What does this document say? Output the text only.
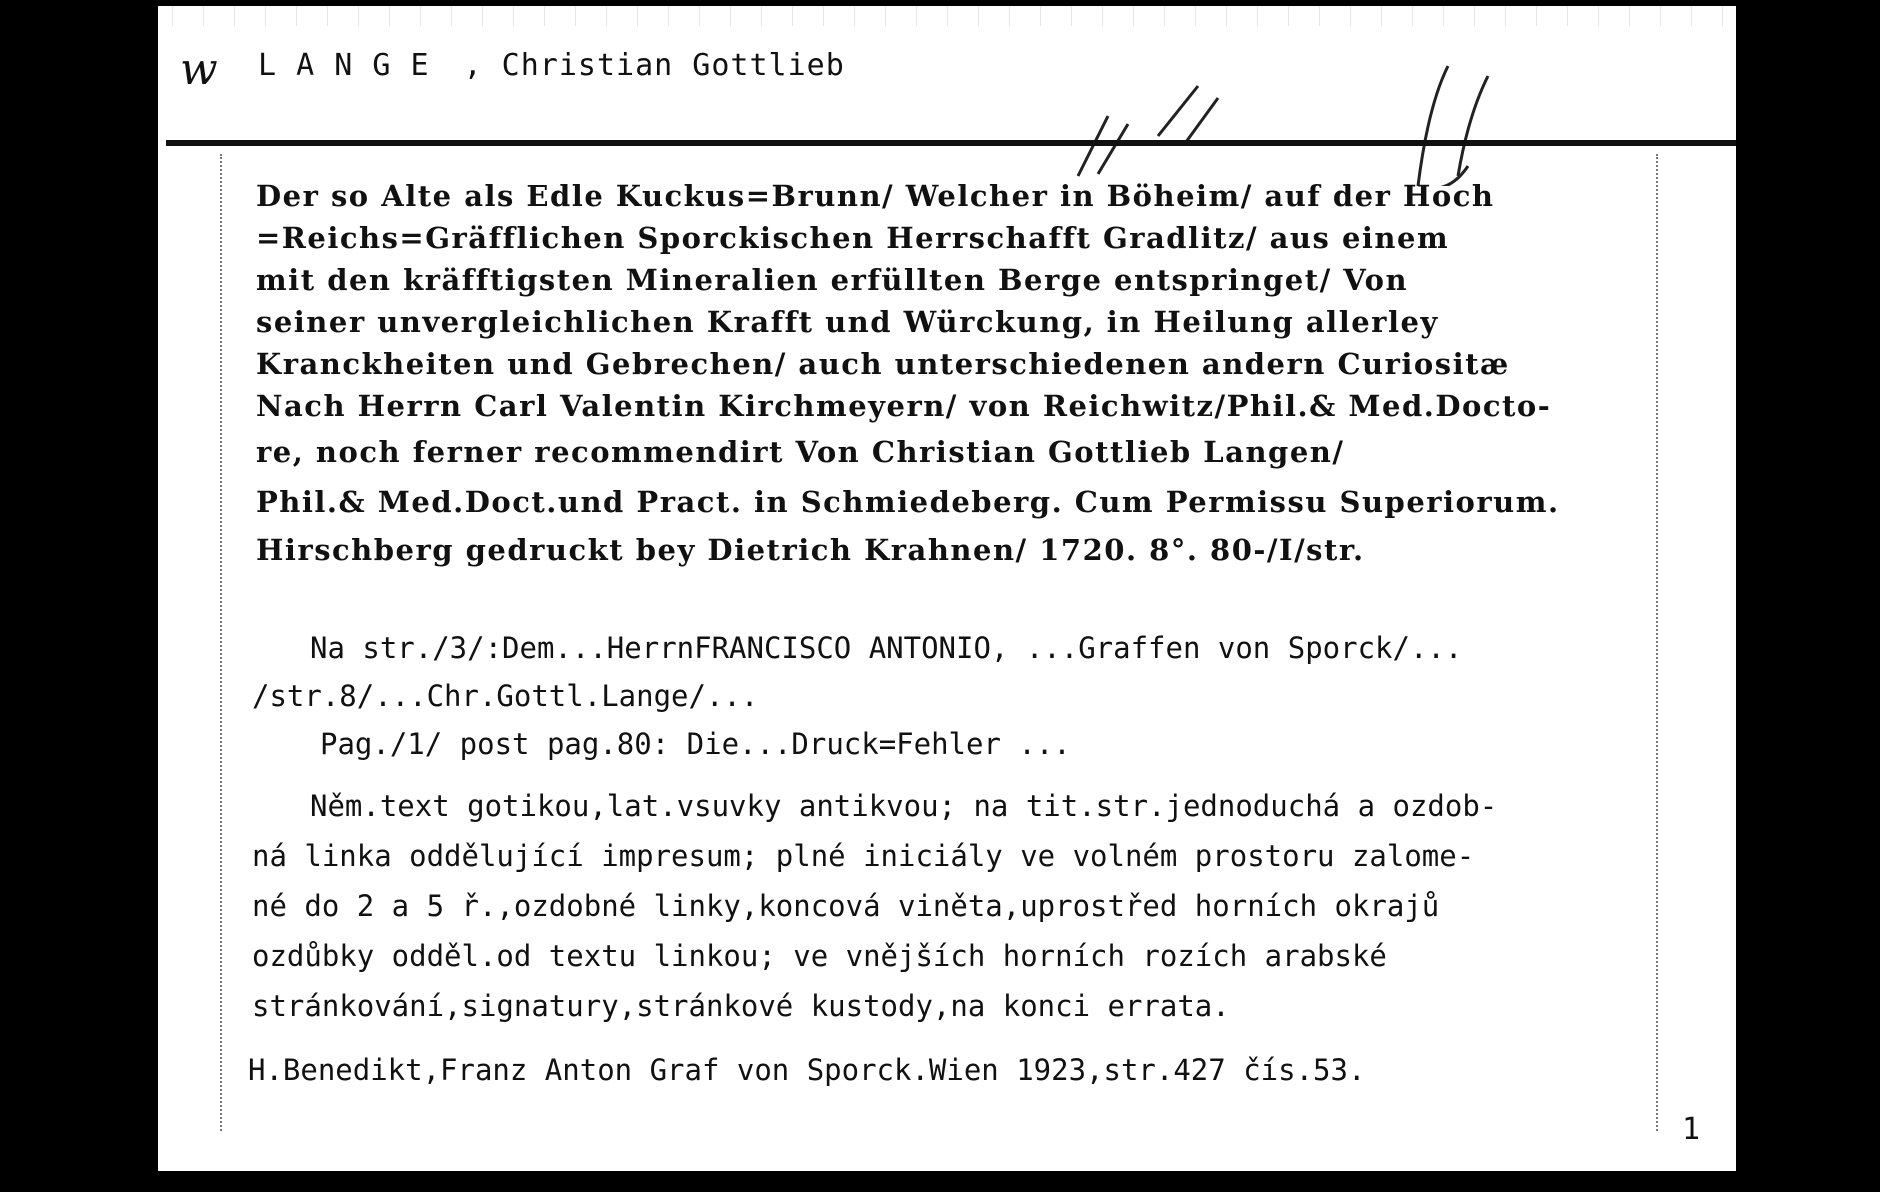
w L A N G E , Christian Gottlieb
Der so Alte als Edle Kuckus=Brunn/ Welcher in Böheim/ auf der Hoch
=Reichs=Gräfflichen Sporckischen Herrschafft Gradlitz/ aus einem
mit den kräfftigsten Mineralien erfüllten Berge entspringet/ Von
seiner unvergleichlichen Krafft und Würckung, in Heilung allerley
Kranckheiten und Gebrechen/ auch unterschiedenen andern Curiositæ
Nach Herrn Carl Valentin Kirchmeyern/ von Reichwitz/Phil.& Med.Docto-
re, noch ferner recommendirt Von Christian Gottlieb Langen/
Phil.& Med.Doct.und Pract. in Schmiedeberg. Cum Permissu Superiorum.
Hirschberg gedruckt bey Dietrich Krahnen/ 1720. 8°. 80-/I/str.
Na str./3/:Dem...HerrnFRANCISCO ANTONIO, ...Graffen von Sporck/...
/str.8/...Chr.Gottl.Lange/...
Pag./1/ post pag.80: Die...Druck=Fehler ...
Něm.text gotikou,lat.vsuvky antikvou; na tit.str.jednoduchá a ozdob-
ná linka oddělující impresum; plné iniciály ve volném prostoru zalome-
né do 2 a 5 ř.,ozdobné linky,koncová viněta,uprostřed horních okrajů
ozdůbky odděl.od textu linkou; ve vnějších horních rozích arabské
stránkování,signatury,stránkové kustody,na konci errata.
H.Benedikt,Franz Anton Graf von Sporck.Wien 1923,str.427 čís.53.
1
